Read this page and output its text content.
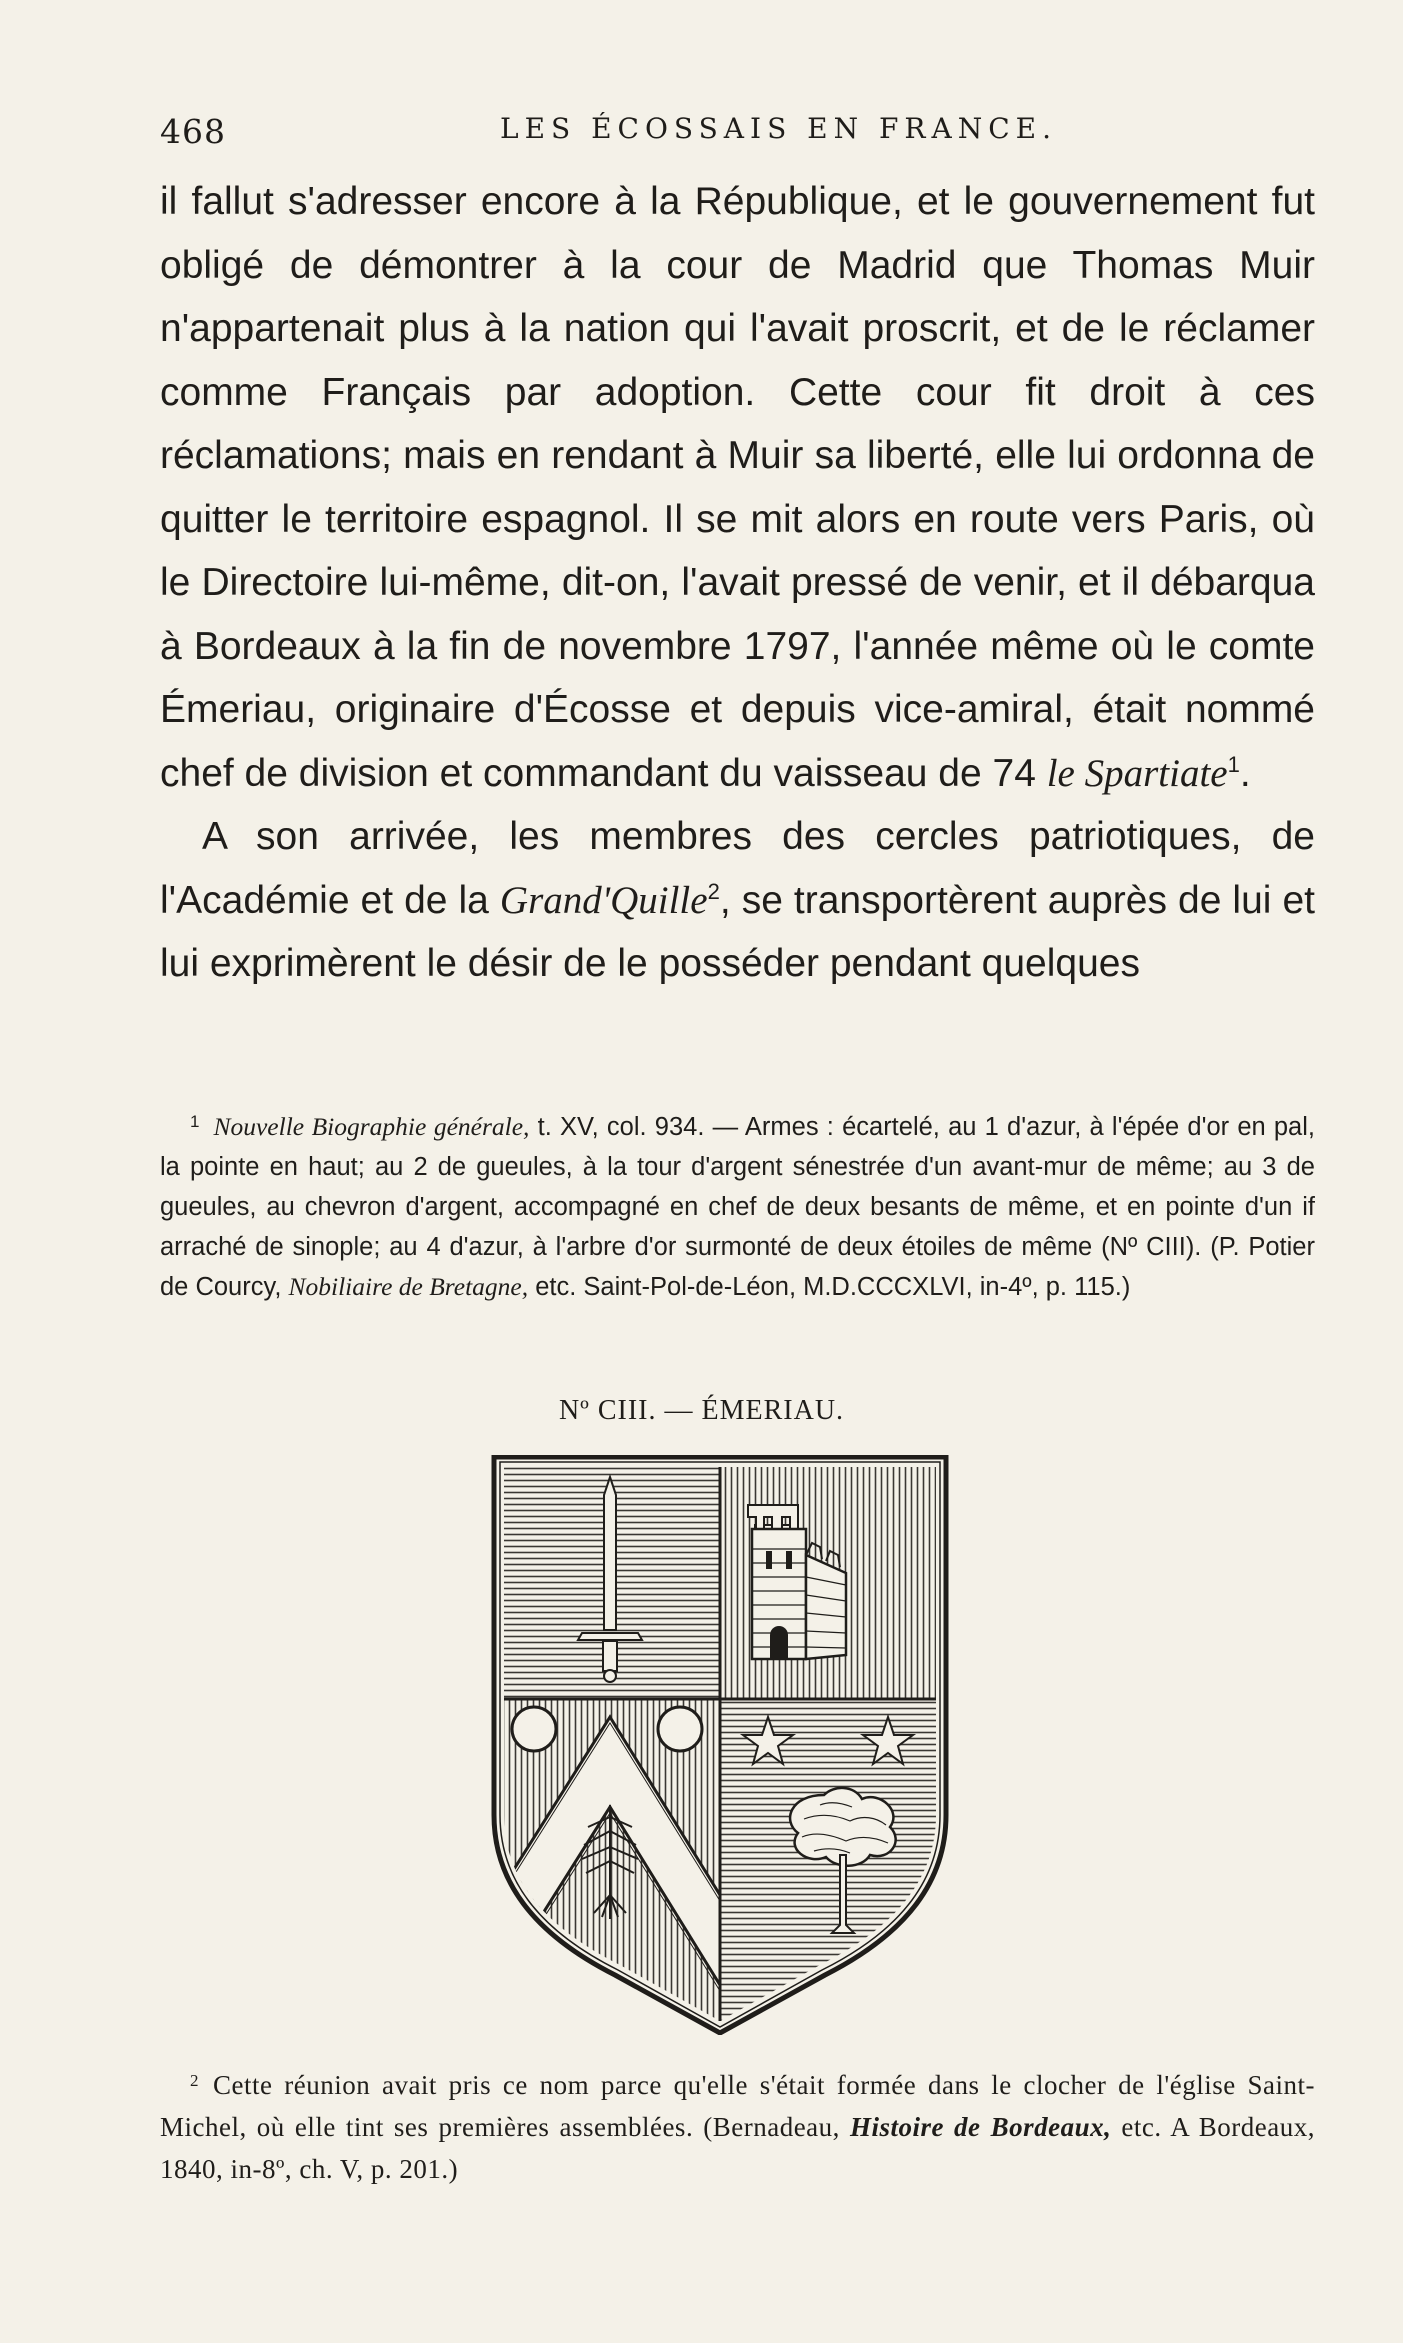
468	LES ÉCOSSAIS EN FRANCE.

il fallut s'adresser encore à la République, et le gouvernement fut obligé de démontrer à la cour de Madrid que Thomas Muir n'appartenait plus à la nation qui l'avait proscrit, et de le réclamer comme Français par adoption. Cette cour fit droit à ces réclamations; mais en rendant à Muir sa liberté, elle lui ordonna de quitter le territoire espagnol. Il se mit alors en route vers Paris, où le Directoire lui-même, dit-on, l'avait pressé de venir, et il débarqua à Bordeaux à la fin de novembre 1797, l'année même où le comte Émeriau, originaire d'Écosse et depuis vice-amiral, était nommé chef de division et commandant du vaisseau de 74 le Spartiate$^1$.

A son arrivée, les membres des cercles patriotiques, de l'Académie et de la Grand'Quille$^2$, se transportèrent auprès de lui et lui exprimèrent le désir de le posséder pendant quelques

$^1$ Nouvelle Biographie générale, t. XV, col. 934. — Armes : écartelé, au 1 d'azur, à l'épée d'or en pal, la pointe en haut; au 2 de gueules, à la tour d'argent sénestrée d'un avant-mur de même; au 3 de gueules, au chevron d'argent, accompagné en chef de deux besants de même, et en pointe d'un if arraché de sinople; au 4 d'azur, à l'arbre d'or surmonté de deux étoiles de même (Nº CIII). (P. Potier de Courcy, Nobiliaire de Bretagne, etc. Saint-Pol-de-Léon, M.D.CCCXLVI, in-4º, p. 115.)

Nº CIII. — ÉMERIAU.

$^2$ Cette réunion avait pris ce nom parce qu'elle s'était formée dans le clocher de l'église Saint-Michel, où elle tint ses premières assemblées. (Bernadeau, Histoire de Bordeaux, etc. A Bordeaux, 1840, in-8º, ch. V, p. 201.)
